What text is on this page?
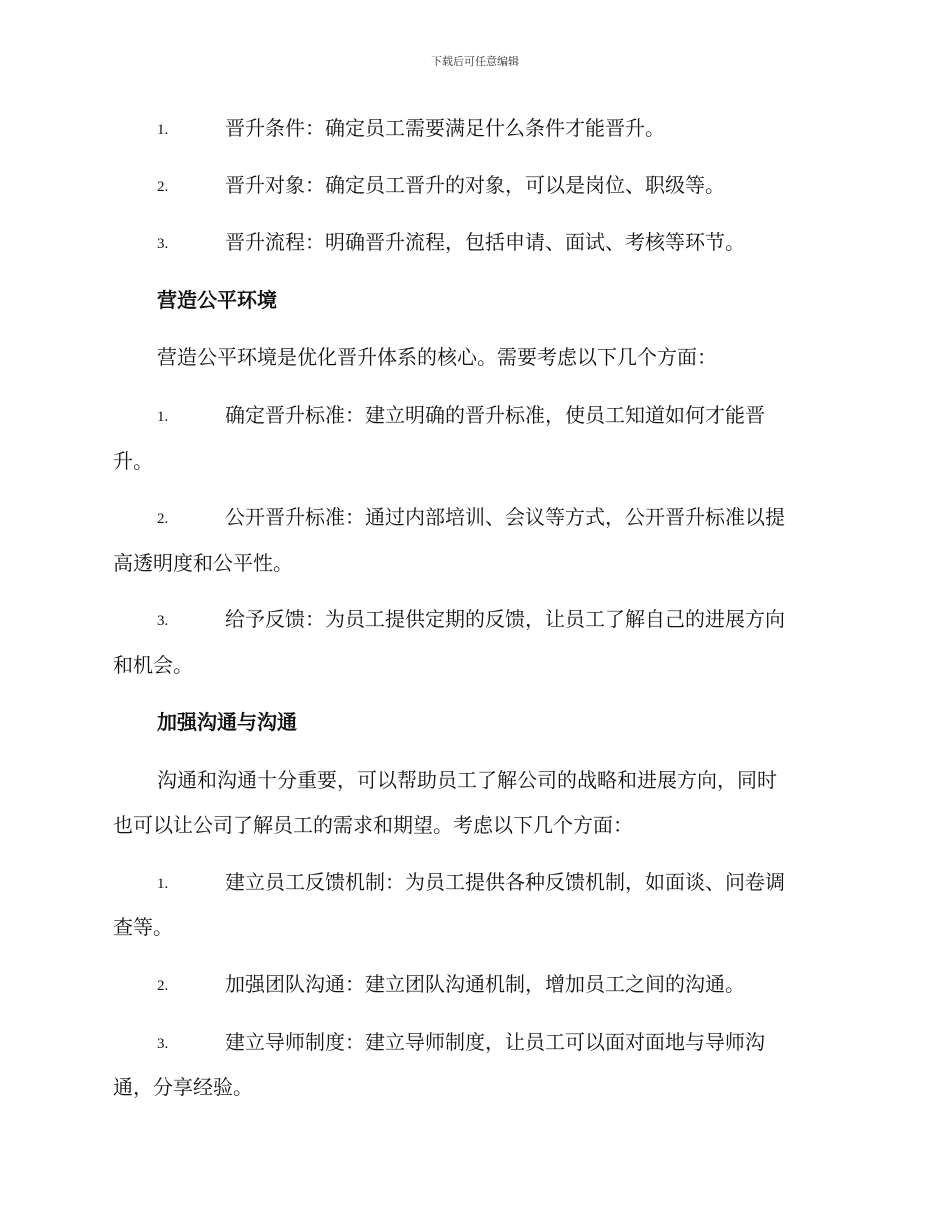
下载后可任意编辑
1.	晋升条件：确定员工需要满足什么条件才能晋升。
2.	晋升对象：确定员工晋升的对象，可以是岗位、职级等。
3.	晋升流程：明确晋升流程，包括申请、面试、考核等环节。
营造公平环境
营造公平环境是优化晋升体系的核心。需要考虑以下几个方面：
1.	确定晋升标准：建立明确的晋升标准，使员工知道如何才能晋
升。
2.	公开晋升标准：通过内部培训、会议等方式，公开晋升标准以提
高透明度和公平性。
3.	给予反馈：为员工提供定期的反馈，让员工了解自己的进展方向
和机会。
加强沟通与沟通
沟通和沟通十分重要，可以帮助员工了解公司的战略和进展方向，同时
也可以让公司了解员工的需求和期望。考虑以下几个方面：
1.	建立员工反馈机制：为员工提供各种反馈机制，如面谈、问卷调
查等。
2.	加强团队沟通：建立团队沟通机制，增加员工之间的沟通。
3.	建立导师制度：建立导师制度，让员工可以面对面地与导师沟
通，分享经验。
